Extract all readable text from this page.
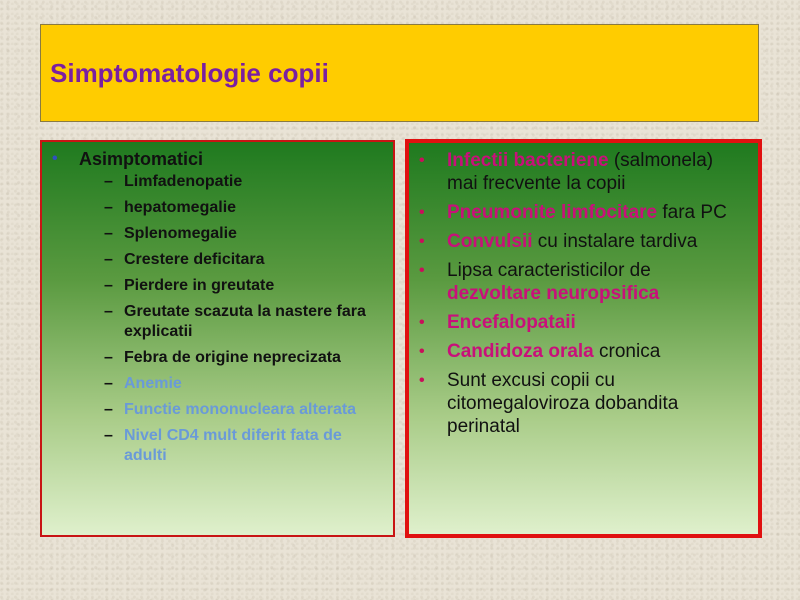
Simptomatologie copii
• Asimptomatici
– Limfadenopatie
– hepatomegalie
– Splenomegalie
– Crestere deficitara
– Pierdere in greutate
– Greutate scazuta la nastere fara explicatii
– Febra de origine neprecizata
– Anemie
– Functie mononucleara alterata
– Nivel CD4 mult diferit fata de adulti
• Infectii bacteriene (salmonela) mai frecvente la copii
• Pneumonite limfocitare fara PC
• Convulsii cu instalare tardiva
• Lipsa caracteristicilor de dezvoltare neuropsifica
• Encefalopataii
• Candidoza orala cronica
• Sunt excusi copii cu citomegaloviroza dobandita perinatal
